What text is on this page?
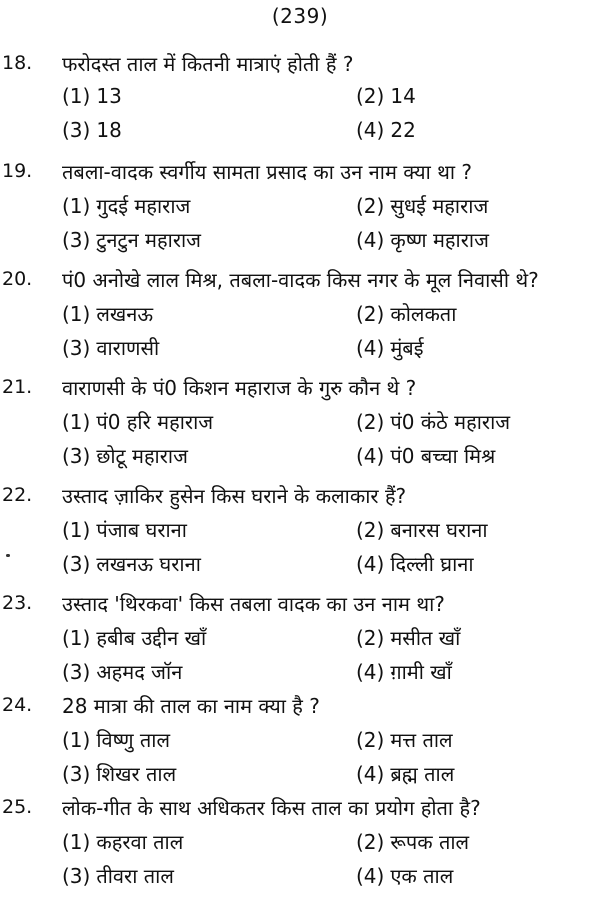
(239)
18. फरोदस्त ताल में कितनी मात्राएं होती हैं ?
(1) 13	(2) 14
(3) 18	(4) 22
19. तबला-वादक स्वर्गीय सामता प्रसाद का उन नाम क्या था ?
(1) गुदई महाराज	(2) सुधई महाराज
(3) टुनटुन महाराज	(4) कृष्ण महाराज
20. पं0 अनोखे लाल मिश्र, तबला-वादक किस नगर के मूल निवासी थे?
(1) लखनऊ	(2) कोलकता
(3) वाराणसी	(4) मुंबई
21. वाराणसी के पं0 किशन महाराज के गुरु कौन थे ?
(1) पं0 हरि महाराज	(2) पं0 कंठे महाराज
(3) छोटू महाराज	(4) पं0 बच्चा मिश्र
22. उस्ताद ज़ाकिर हुसेन किस घराने के कलाकार हैं?
(1) पंजाब घराना	(2) बनारस घराना
(3) लखनऊ घराना	(4) दिल्ली घ्राना
23. उस्ताद 'थिरकवा' किस तबला वादक का उन नाम था?
(1) हबीब उद्दीन खाँ	(2) मसीत खाँ
(3) अहमद जॉन	(4) ग़ामी खाँ
24. 28 मात्रा की ताल का नाम क्या है ?
(1) विष्णु ताल	(2) मत्त ताल
(3) शिखर ताल	(4) ब्रह्म ताल
25. लोक-गीत के साथ अधिकतर किस ताल का प्रयोग होता है?
(1) कहरवा ताल	(2) रूपक ताल
(3) तीवरा ताल	(4) एक ताल
